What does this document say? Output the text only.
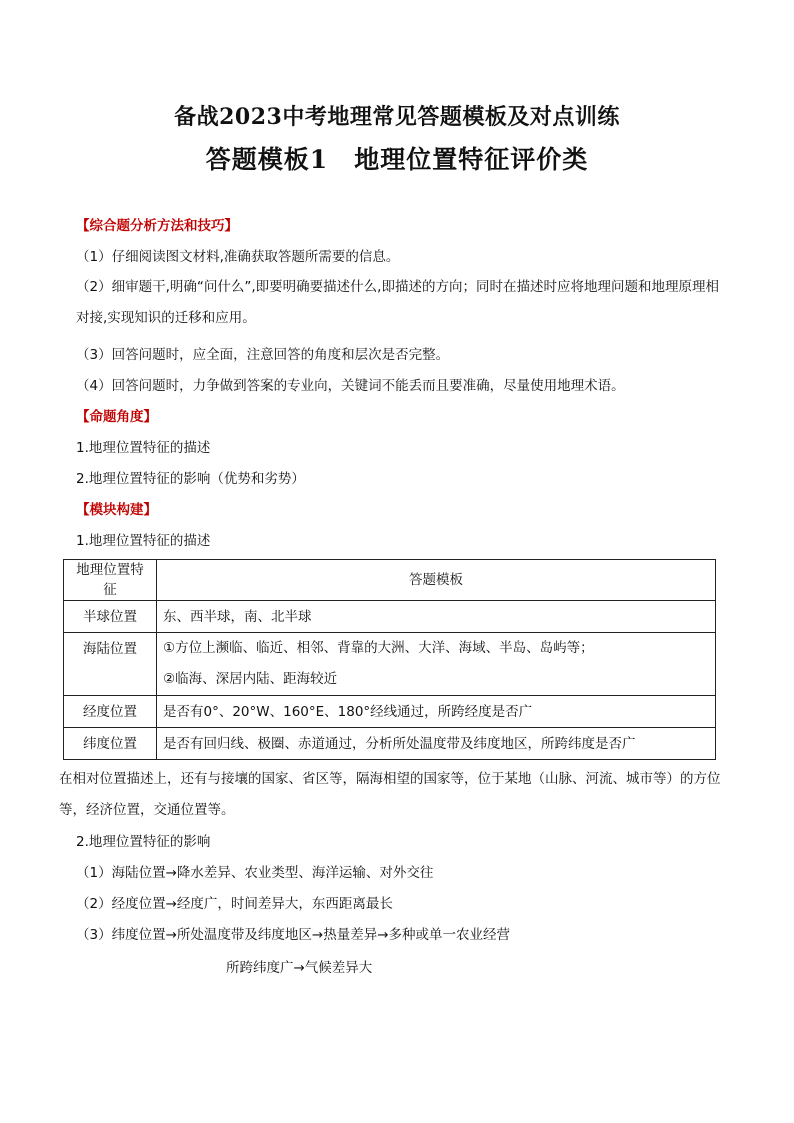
备战2023中考地理常见答题模板及对点训练
答题模板1　地理位置特征评价类
【综合题分析方法和技巧】
（1）仔细阅读图文材料,准确获取答题所需要的信息。
（2）细审题干,明确“问什么”,即要明确要描述什么,即描述的方向；同时在描述时应将地理问题和地理原理相对接,实现知识的迁移和应用。
（3）回答问题时，应全面，注意回答的角度和层次是否完整。
（4）回答问题时，力争做到答案的专业向，关键词不能丢而且要准确，尽量使用地理术语。
【命题角度】
1.地理位置特征的描述
2.地理位置特征的影响（优势和劣势）
【模块构建】
1.地理位置特征的描述
地理位置特征	答题模板
半球位置	东、西半球，南、北半球
海陆位置	①方位上濒临、临近、相邻、背靠的大洲、大洋、海域、半岛、岛屿等；
②临海、深居内陆、距海较近

经度位置	是否有0°、20°W、160°E、180°经线通过，所跨经度是否广
纬度位置	是否有回归线、极圈、赤道通过，分析所处温度带及纬度地区，所跨纬度是否广
在相对位置描述上，还有与接壤的国家、省区等，隔海相望的国家等，位于某地（山脉、河流、城市等）的方位等，经济位置，交通位置等。
2.地理位置特征的影响
（1）海陆位置→降水差异、农业类型、海洋运输、对外交往
（2）经度位置→经度广，时间差异大，东西距离最长
（3）纬度位置→所处温度带及纬度地区→热量差异→多种或单一农业经营
所跨纬度广→气候差异大
